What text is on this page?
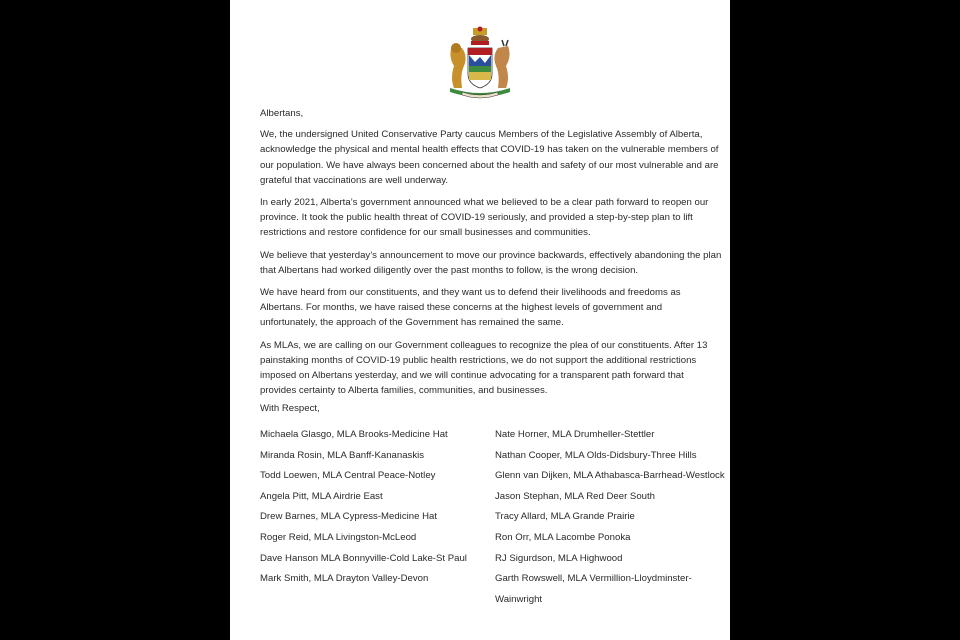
Albertans,

We, the undersigned United Conservative Party caucus Members of the Legislative Assembly of Alberta, acknowledge the physical and mental health effects that COVID-19 has taken on the vulnerable members of our population. We have always been concerned about the health and safety of our most vulnerable and are grateful that vaccinations are well underway.

In early 2021, Alberta’s government announced what we believed to be a clear path forward to reopen our province. It took the public health threat of COVID-19 seriously, and provided a step-by-step plan to lift restrictions and restore confidence for our small businesses and communities.

We believe that yesterday’s announcement to move our province backwards, effectively abandoning the plan that Albertans had worked diligently over the past months to follow, is the wrong decision.

We have heard from our constituents, and they want us to defend their livelihoods and freedoms as Albertans. For months, we have raised these concerns at the highest levels of government and unfortunately, the approach of the Government has remained the same.

As MLAs, we are calling on our Government colleagues to recognize the plea of our constituents. After 13 painstaking months of COVID-19 public health restrictions, we do not support the additional restrictions imposed on Albertans yesterday, and we will continue advocating for a transparent path forward that provides certainty to Alberta families, communities, and businesses.

With Respect,
Michaela Glasgo, MLA Brooks-Medicine Hat
Miranda Rosin, MLA Banff-Kananaskis
Todd Loewen, MLA Central Peace-Notley
Angela Pitt, MLA Airdrie East
Drew Barnes, MLA Cypress-Medicine Hat
Roger Reid, MLA Livingston-McLeod
Dave Hanson MLA Bonnyville-Cold Lake-St Paul
Mark Smith, MLA Drayton Valley-Devon
Nate Horner, MLA Drumheller-Stettler
Nathan Cooper, MLA Olds-Didsbury-Three Hills
Glenn van Dijken, MLA Athabasca-Barrhead-Westlock
Jason Stephan, MLA Red Deer South
Tracy Allard, MLA Grande Prairie
Ron Orr, MLA Lacombe Ponoka
RJ Sigurdson, MLA Highwood
Garth Rowswell, MLA Vermillion-Lloydminster-
Wainwright
